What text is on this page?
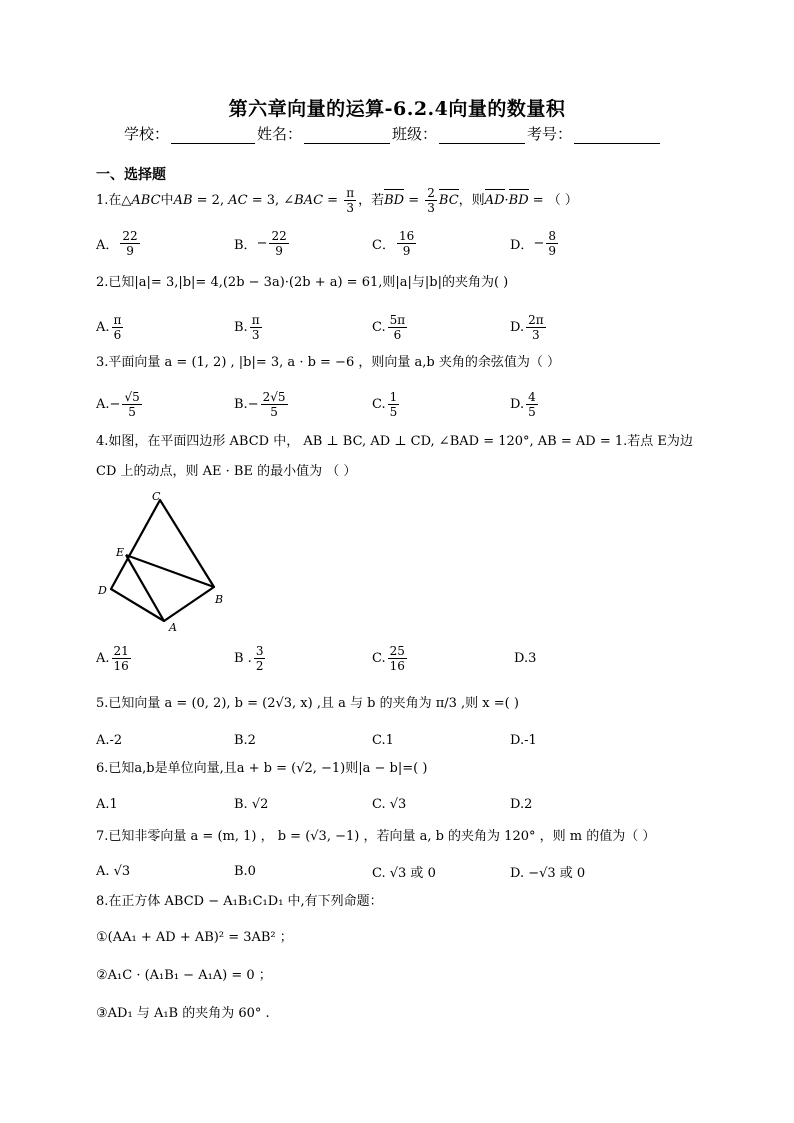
第六章向量的运算-6.2.4向量的数量积
学校：	姓名：	班级：	考号：
一、选择题
1.在△ABC中AB = 2, AC = 3, ∠BAC = $\frac{\pi}{3}$ ，若BD = $\frac{2}{3}$ BC，则AD·BD = （ ）
A． $\frac{22}{9}$	B． − $\frac{22}{9}$	C． $\frac{16}{9}$	D． − $\frac{8}{9}$
2.已知|a|= 3,|b|= 4,(2b − 3a)·(2b + a) = 61,则|a|与|b|的夹角为( )
A. $\frac{\pi}{6}$	B. $\frac{\pi}{3}$	C. $\frac{5\pi}{6}$	D. $\frac{2\pi}{3}$
3.平面向量 a = (1, 2) , |b|= 3, a · b = −6 ，则向量 a,b 夹角的余弦值为（ ）
A. − $\frac{√5}{5}$	B. − $\frac{2√5}{5}$	C. $\frac{1}{5}$	D. $\frac{4}{5}$
4.如图，在平面四边形 ABCD 中， AB ⊥ BC, AD ⊥ CD, ∠BAD = 120°, AB = AD = 1.若点 E为边
CD 上的动点，则 AE · BE 的最小值为 （ ）
C
E
D
B
A
A. $\frac{21}{16}$	B . $\frac{3}{2}$	C. $\frac{25}{16}$	D.3
5.已知向量 a = (0, 2), b = (2√3, x) ,且 a 与 b 的夹角为 π/3 ,则 x =( )
A.-2	B.2	C.1	D.-1
6.已知a,b是单位向量,且a + b = (√2, −1)则|a − b|=( )
A.1	B. √2	C. √3	D.2
7.已知非零向量 a = (m, 1) ， b = (√3, −1) ，若向量 a, b 的夹角为 120° ，则 m 的值为（ ）
A. √3	B.0	C. √3 或 0	D. −√3 或 0
8.在正方体 ABCD − A₁B₁C₁D₁ 中,有下列命题：
①(AA₁ + AD + AB)² = 3AB² ；
②A₁C · (A₁B₁ − A₁A) = 0 ；
③AD₁ 与 A₁B 的夹角为 60° .
